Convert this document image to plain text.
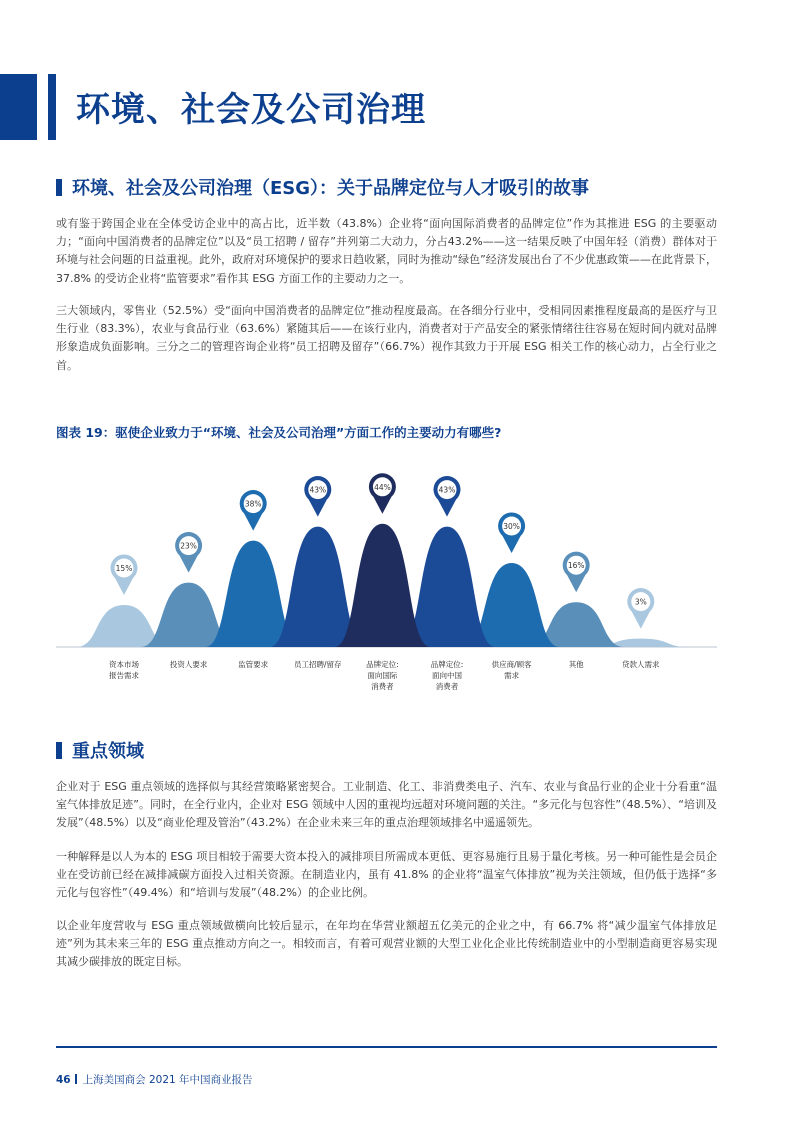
环境、社会及公司治理
环境、社会及公司治理（ESG）：关于品牌定位与人才吸引的故事

或有鉴于跨国企业在全体受访企业中的高占比，近半数（43.8%）企业将“面向国际消费者的品牌定位”作为其推进 ESG 的主要驱动力；“面向中国消费者的品牌定位”以及“员工招聘 / 留存”并列第二大动力，分占43.2%——这一结果反映了中国年轻（消费）群体对于环境与社会问题的日益重视。此外，政府对环境保护的要求日趋收紧，同时为推动“绿色”经济发展出台了不少优惠政策——在此背景下，37.8% 的受访企业将“监管要求”看作其 ESG 方面工作的主要动力之一。

三大领域内，零售业（52.5%）受“面向中国消费者的品牌定位”推动程度最高。在各细分行业中，受相同因素推程度最高的是医疗与卫生行业（83.3%），农业与食品行业（63.6%）紧随其后——在该行业内，消费者对于产品安全的紧张情绪往往容易在短时间内就对品牌形象造成负面影响。三分之二的管理咨询企业将“员工招聘及留存”（66.7%）视作其致力于开展 ESG 相关工作的核心动力，占全行业之首。

图表 19：驱使企业致力于“环境、社会及公司治理”方面工作的主要动力有哪些?
15%
资本市场
报告需求
23%
投资人要求
38%
监管要求
43%
员工招聘/留存
44%
品牌定位:
面向国际
消费者
43%
品牌定位:
面向中国
消费者
30%
供应商/顾客
需求
16%
其他
3%
贷款人需求
重点领域

企业对于 ESG 重点领域的选择似与其经营策略紧密契合。工业制造、化工、非消费类电子、汽车、农业与食品行业的企业十分看重“温室气体排放足迹”。同时，在全行业内，企业对 ESG 领域中人因的重视均远超对环境问题的关注。“多元化与包容性”（48.5%）、“培训及发展”（48.5%）以及“商业伦理及管治”（43.2%）在企业未来三年的重点治理领域排名中遥遥领先。

一种解释是以人为本的 ESG 项目相较于需要大资本投入的减排项目所需成本更低、更容易施行且易于量化考核。另一种可能性是会员企业在受访前已经在减排减碳方面投入过相关资源。在制造业内，虽有 41.8% 的企业将“温室气体排放”视为关注领域，但仍低于选择“多元化与包容性”（49.4%）和“培训与发展”（48.2%）的企业比例。

以企业年度营收与 ESG 重点领域做横向比较后显示，在年均在华营业额超五亿美元的企业之中，有 66.7% 将“减少温室气体排放足迹”列为其未来三年的 ESG 重点推动方向之一。相较而言，有着可观营业额的大型工业化企业比传统制造业中的小型制造商更容易实现其减少碳排放的既定目标。

46 上海美国商会 2021 年中国商业报告
